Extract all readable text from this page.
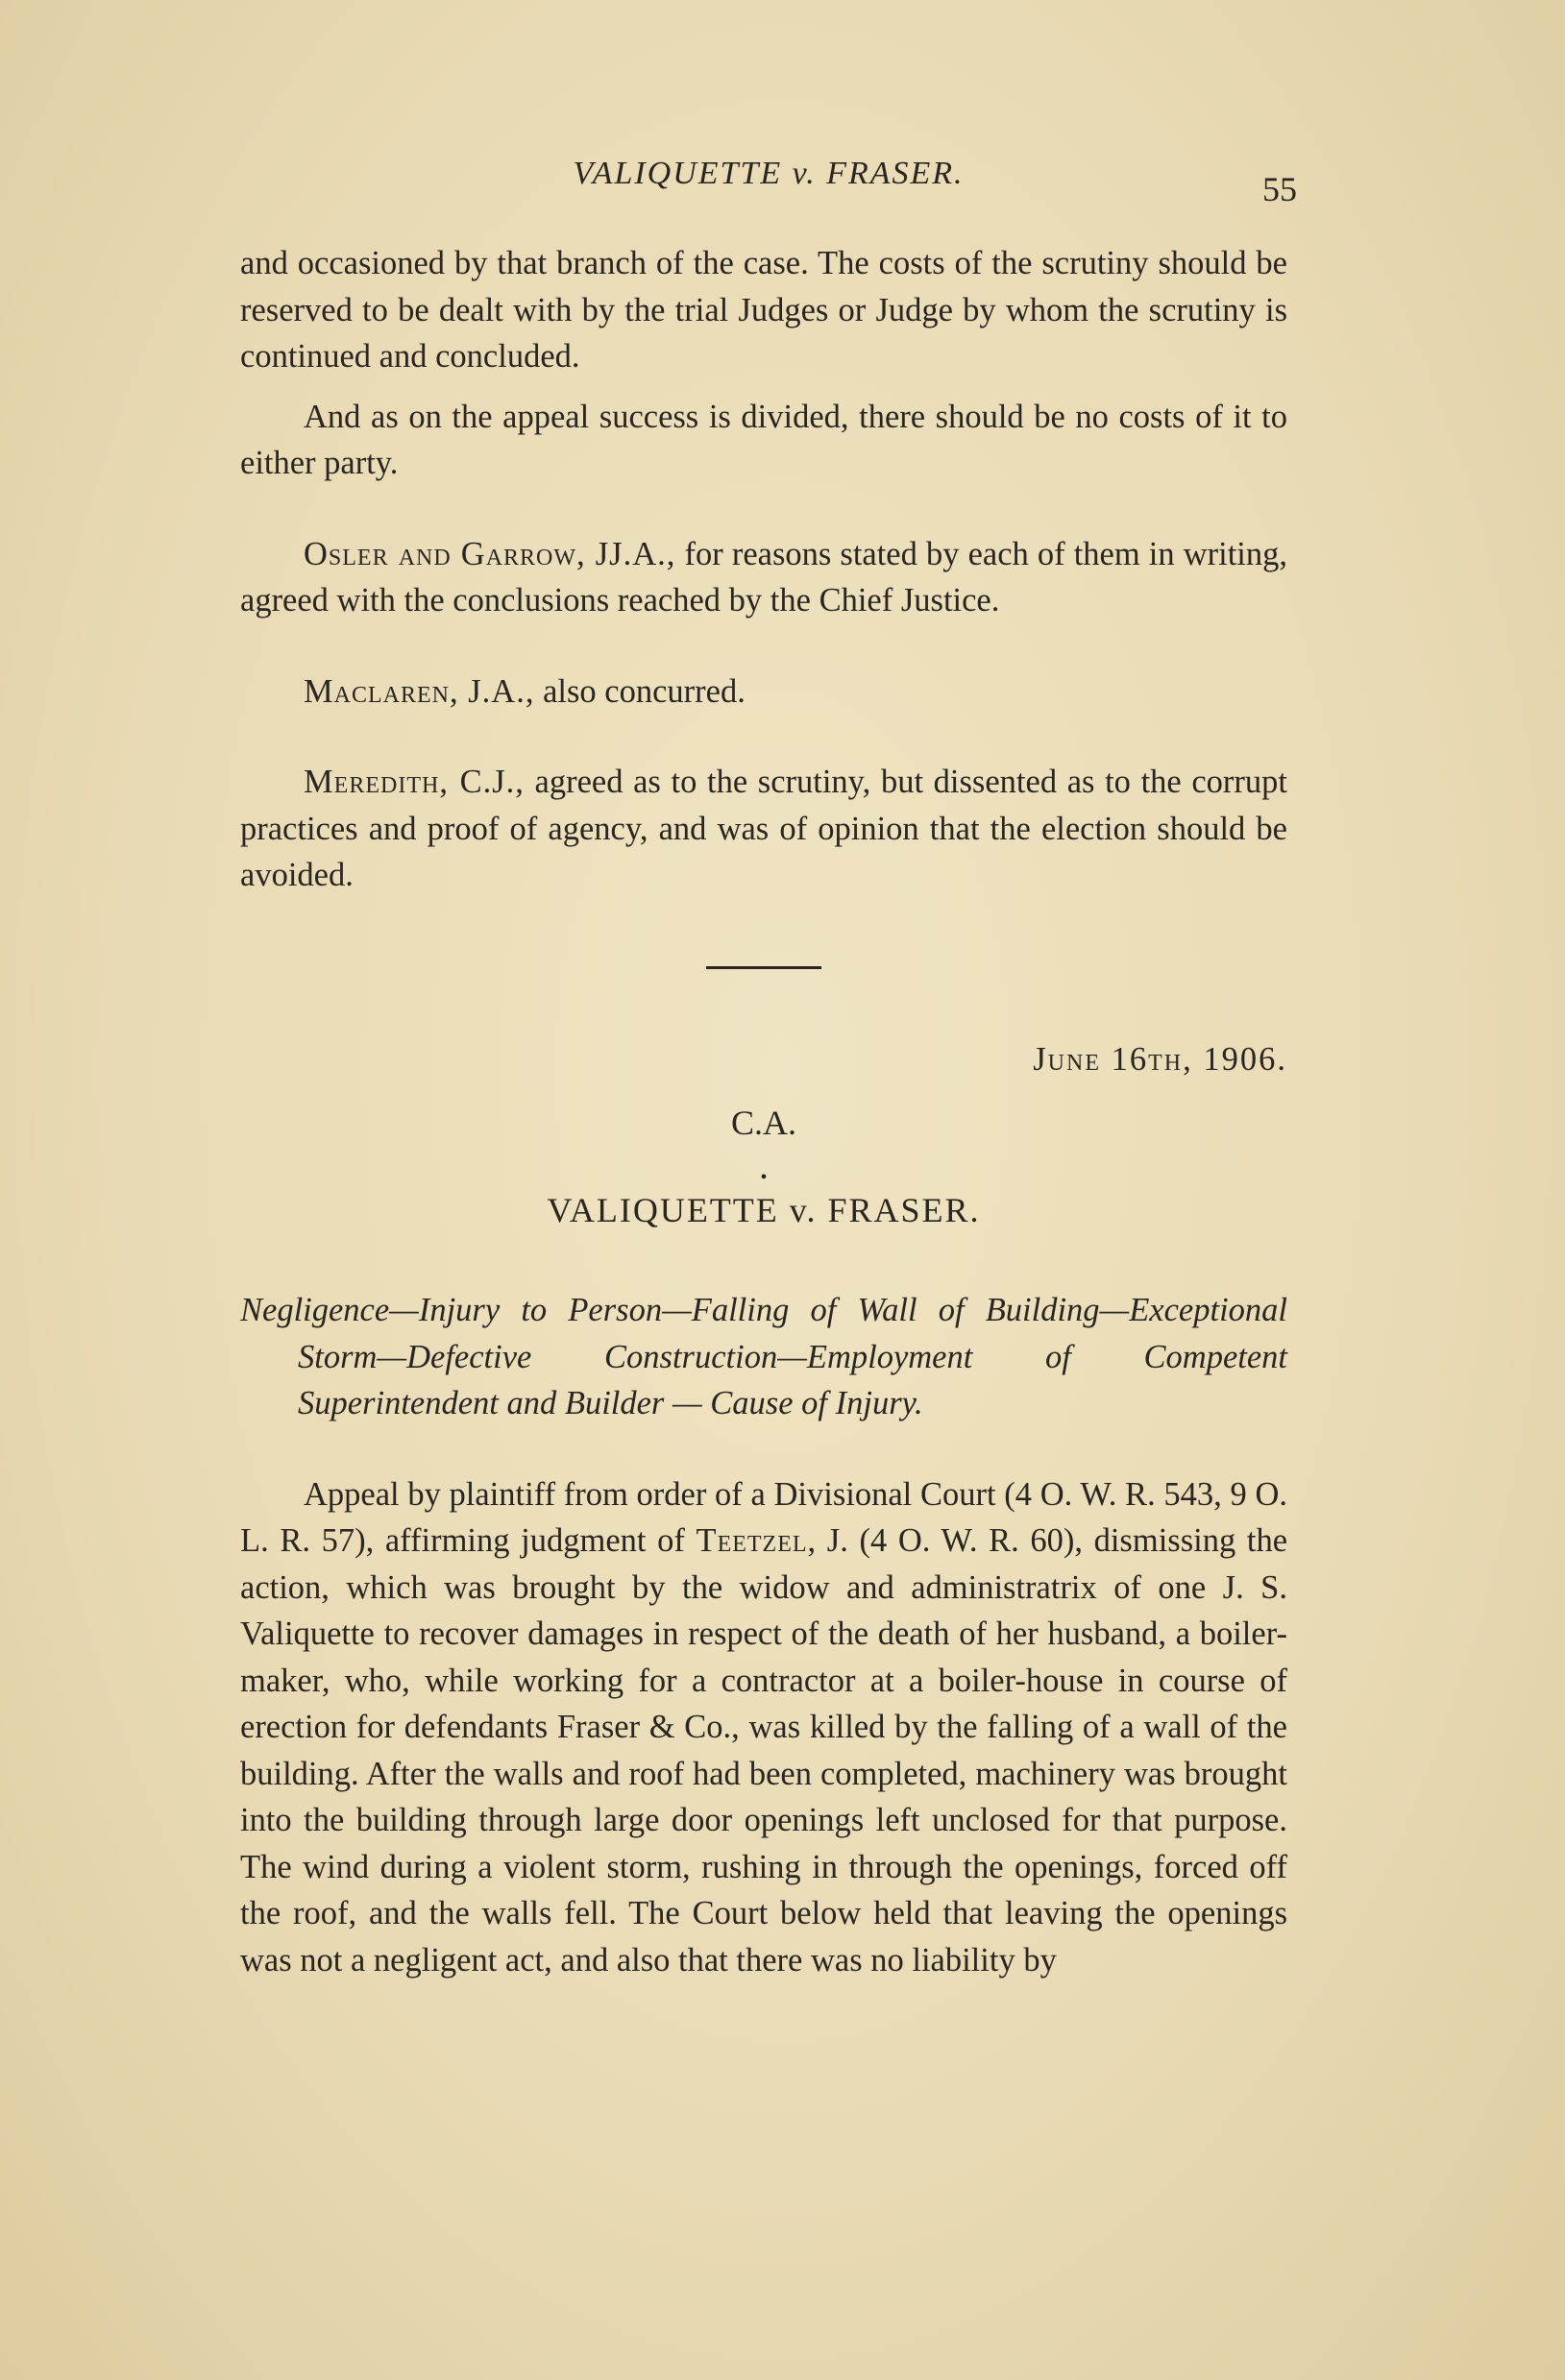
VALIQUETTE v. FRASER.	55

and occasioned by that branch of the case. The costs of the scrutiny should be reserved to be dealt with by the trial Judges or Judge by whom the scrutiny is continued and concluded.

And as on the appeal success is divided, there should be no costs of it to either party.

Osler and Garrow, JJ.A., for reasons stated by each of them in writing, agreed with the conclusions reached by the Chief Justice.

Maclaren, J.A., also concurred.

Meredith, C.J., agreed as to the scrutiny, but dissented as to the corrupt practices and proof of agency, and was of opinion that the election should be avoided.

June 16th, 1906.
C.A.
•
VALIQUETTE v. FRASER.

Negligence—Injury to Person—Falling of Wall of Building—Exceptional Storm—Defective Construction—Employment of Competent Superintendent and Builder — Cause of Injury.

Appeal by plaintiff from order of a Divisional Court (4 O. W. R. 543, 9 O. L. R. 57), affirming judgment of Teetzel, J. (4 O. W. R. 60), dismissing the action, which was brought by the widow and administratrix of one J. S. Valiquette to recover damages in respect of the death of her husband, a boiler-maker, who, while working for a contractor at a boiler-house in course of erection for defendants Fraser & Co., was killed by the falling of a wall of the building. After the walls and roof had been completed, machinery was brought into the building through large door openings left unclosed for that purpose. The wind during a violent storm, rushing in through the openings, forced off the roof, and the walls fell. The Court below held that leaving the openings was not a negligent act, and also that there was no liability by
